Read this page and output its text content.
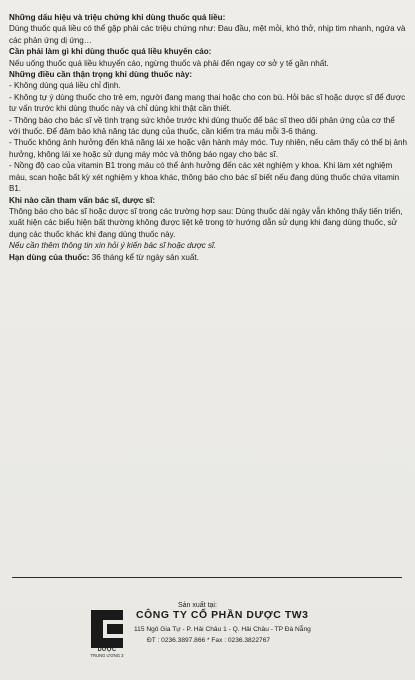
Những dấu hiệu và triệu chứng khi dùng thuốc quá liều:

Dùng thuốc quá liều có thể gặp phải các triệu chứng như: Đau đầu, mệt mỏi, khó thở, nhịp tim nhanh, ngứa và các phản ứng dị ứng…

Cần phải làm gì khi dùng thuốc quá liều khuyến cáo:

Nếu uống thuốc quá liều khuyến cáo, ngừng thuốc và phải đến ngay cơ sở y tế gần nhất.

Những điều cần thận trọng khi dùng thuốc này:

- Không dùng quá liều chỉ định.

- Không tự ý dùng thuốc cho trẻ em, người đang mang thai hoặc cho con bú. Hỏi bác sĩ hoặc dược sĩ để được tư vấn trước khi dùng thuốc này và chỉ dùng khi thật cần thiết.

- Thông báo cho bác sĩ về tình trạng sức khỏe trước khi dùng thuốc để bác sĩ theo dõi phản ứng của cơ thể với thuốc. Để đảm bảo khả năng tác dụng của thuốc, cần kiểm tra máu mỗi 3-6 tháng.

- Thuốc không ảnh hưởng đến khả năng lái xe hoặc vận hành máy móc. Tuy nhiên, nếu cảm thấy có thể bị ảnh hưởng, không lái xe hoặc sử dụng máy móc và thông báo ngay cho bác sĩ.

- Nồng độ cao của vitamin B1 trong máu có thể ảnh hưởng đến các xét nghiệm y khoa. Khi làm xét nghiệm máu, scan hoặc bất kỳ xét nghiệm y khoa khác, thông báo cho bác sĩ biết nếu đang dùng thuốc chứa vitamin B1.

Khi nào cần tham vấn bác sĩ, dược sĩ:

Thông báo cho bác sĩ hoặc dược sĩ trong các trường hợp sau: Dùng thuốc dài ngày vẫn không thấy tiến triển, xuất hiện các biểu hiện bất thường không được liệt kê trong tờ hướng dẫn sử dụng khi đang dùng thuốc, sử dụng các thuốc khác khi đang dùng thuốc này.

Nếu cần thêm thông tin xin hỏi ý kiến bác sĩ hoặc dược sĩ.

Hạn dùng của thuốc: 36 tháng kể từ ngày sản xuất.

DƯỢC
TRUNG ƯƠNG 3
Sản xuất tại:
CÔNG TY CỔ PHẦN DƯỢC TW3
115 Ngô Gia Tự - P. Hải Châu 1 - Q. Hải Châu - TP Đà Nẵng
ĐT : 0236.3897.866 * Fax : 0236.3822767
